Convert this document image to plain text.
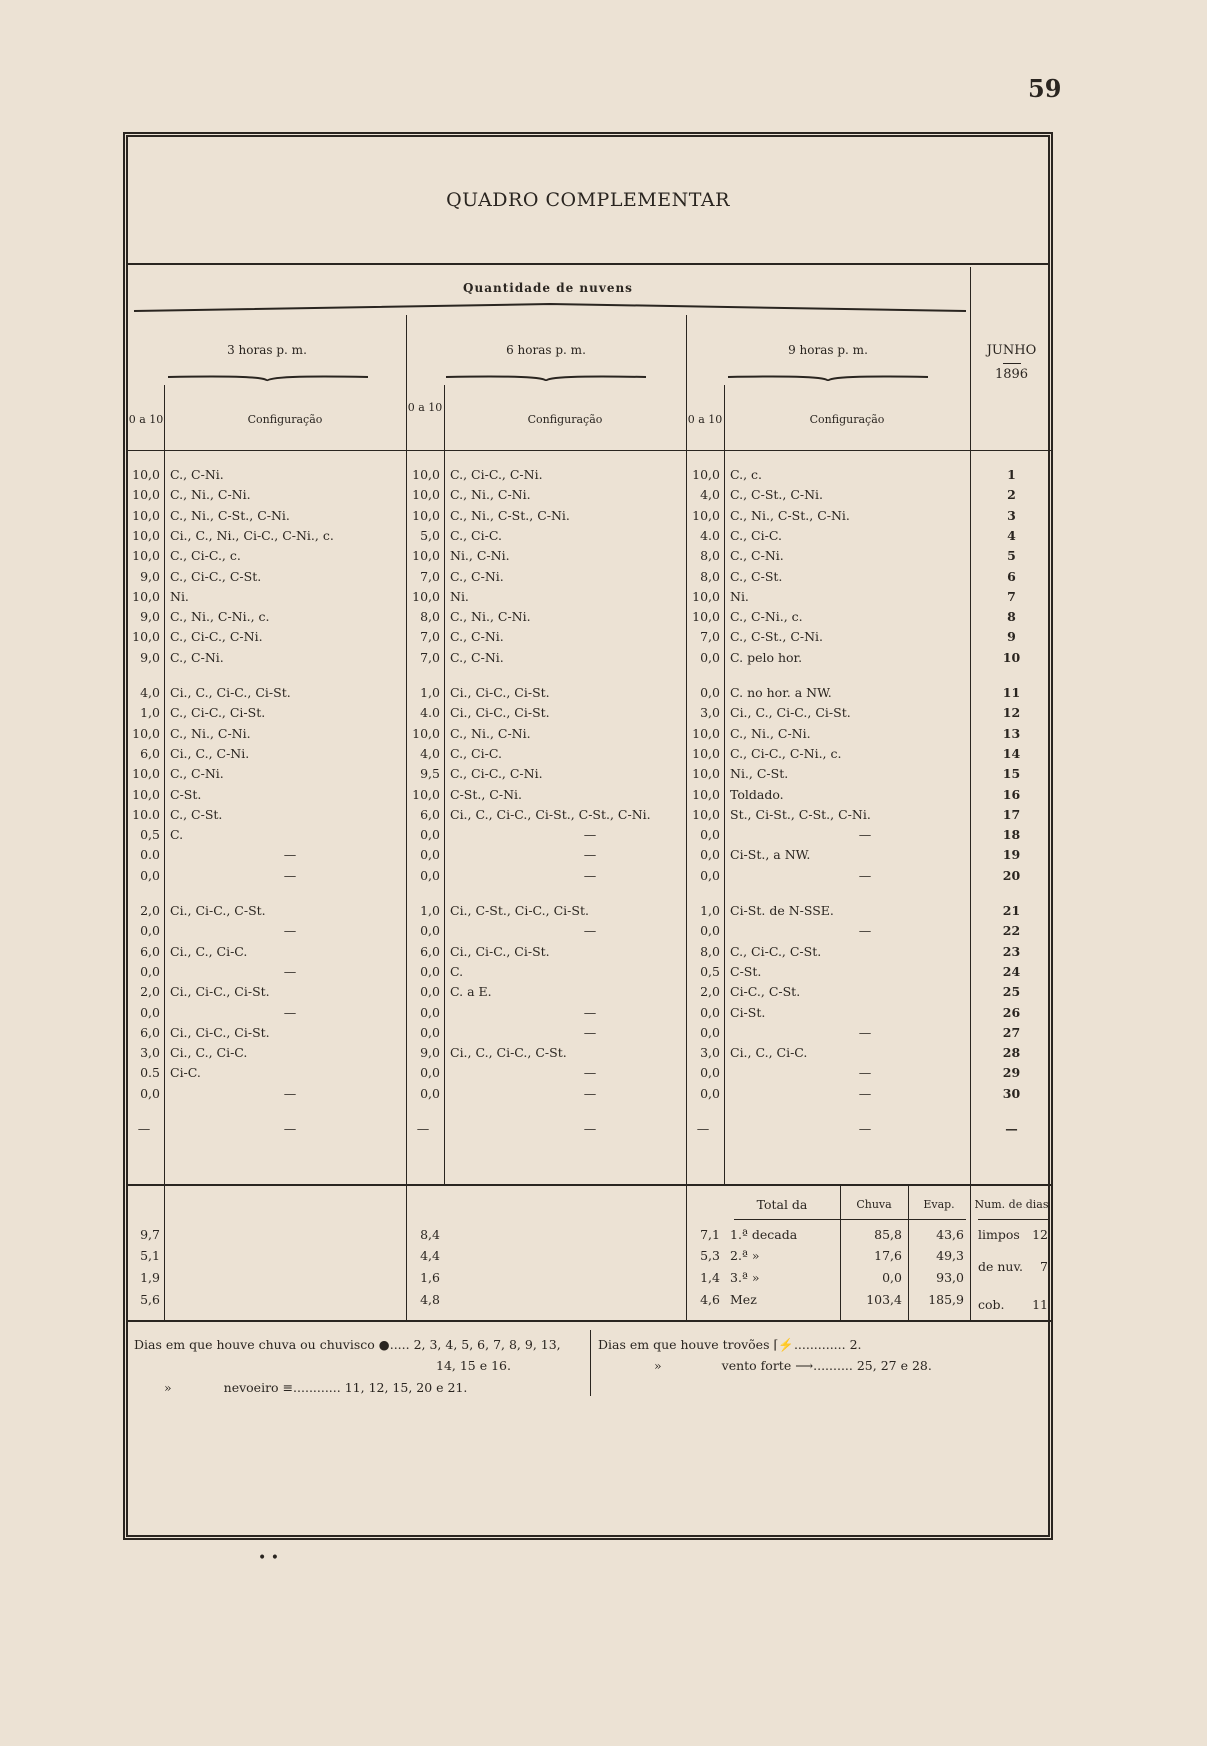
59
QUADRO COMPLEMENTAR
Quantidade de nuvens
3 horas p. m.	6 horas p. m.	9 horas p. m.	JUNHO
1896
0 a 10	Configuração
0 a 10
Configuração	0 a 10	Configuração
10,0 C., C-Ni.	10,0 C., Ci-C., C-Ni.	10,0 C., c.	1
10,0 C., Ni., C-Ni.	10,0 C., Ni., C-Ni.	4,0 C., C-St., C-Ni.	2
10,0 C., Ni., C-St., C-Ni.	10,0 C., Ni., C-St., C-Ni.	10,0 C., Ni., C-St., C-Ni.	3
10,0 Ci., C., Ni., Ci-C., C-Ni., c.	5,0 C., Ci-C.	4.0 C., Ci-C.	4
10,0 C., Ci-C., c.	10,0 Ni., C-Ni.	8,0 C., C-Ni.	5
9,0 C., Ci-C., C-St.	7,0 C., C-Ni.	8,0 C., C-St.	6
10,0 Ni.	10,0 Ni.	10,0 Ni.	7
9,0 C., Ni., C-Ni., c.	8,0 C., Ni., C-Ni.	10,0 C., C-Ni., c.	8
10,0 C., Ci-C., C-Ni.	7,0 C., C-Ni.	7,0 C., C-St., C-Ni.	9
9,0 C., C-Ni.	7,0 C., C-Ni.	0,0 C. pelo hor.	10
4,0 Ci., C., Ci-C., Ci-St.	1,0 Ci., Ci-C., Ci-St.	0,0 C. no hor. a NW.	11
1,0 C., Ci-C., Ci-St.	4.0 Ci., Ci-C., Ci-St.	3,0 Ci., C., Ci-C., Ci-St.	12
10,0 C., Ni., C-Ni.	10,0 C., Ni., C-Ni.	10,0 C., Ni., C-Ni.	13
6,0 Ci., C., C-Ni.	4,0 C., Ci-C.	10,0 C., Ci-C., C-Ni., c.	14
10,0 C., C-Ni.	9,5 C., Ci-C., C-Ni.	10,0 Ni., C-St.	15
10,0 C-St.	10,0 C-St., C-Ni.	10,0 Toldado.	16
10.0 C., C-St.	6,0 Ci., C., Ci-C., Ci-St., C-St., C-Ni.	10,0 St., Ci-St., C-St., C-Ni.	17
0,5 C.	0,0	—	0,0	—	18
0.0	—	0,0	—	0,0 Ci-St., a NW.	19
0,0	—	0,0	—	0,0	—	20
2,0 Ci., Ci-C., C-St.	1,0 Ci., C-St., Ci-C., Ci-St.	1,0 Ci-St. de N-SSE.	21
0,0	—	0,0	—	0,0	—	22
6,0 Ci., C., Ci-C.	6,0 Ci., Ci-C., Ci-St.	8,0 C., Ci-C., C-St.	23
0,0	—	0,0 C.	0,5 C-St.	24
2,0 Ci., Ci-C., Ci-St.	0,0 C. a E.	2,0 Ci-C., C-St.	25
0,0	—	0,0	—	0,0 Ci-St.	26
6,0 Ci., Ci-C., Ci-St.	0,0	—	0,0	—	27
3,0 Ci., C., Ci-C.	9,0 Ci., C., Ci-C., C-St.	3,0 Ci., C., Ci-C.	28
0.5 Ci-C.	0,0	—	0,0	—	29
0,0	—	0,0	—	0,0	—	30
—	—	—	—	—	—	—
Total da	Chuva	Evap.	Num. de dias
9,7	8,4	7,1 1.ª decada	85,8	43,6
5,1	4,4	5,3 2.ª »	17,6	49,3
1,9	1,6	1,4 3.ª »	0,0	93,0
5,6	4,8	4,6 Mez	103,4	185,9
limpos 12
de nuv.	7
cob.	11
Dias em que houve chuva ou chuvisco ●..... 2, 3, 4, 5, 6, 7, 8, 9, 13,
14, 15 e 16.
»	nevoeiro ≡............ 11, 12, 15, 20 e 21.
Dias em que houve trovões ⌈⚡............. 2.
»	vento forte ⟶.......... 25, 27 e 28.
• •
